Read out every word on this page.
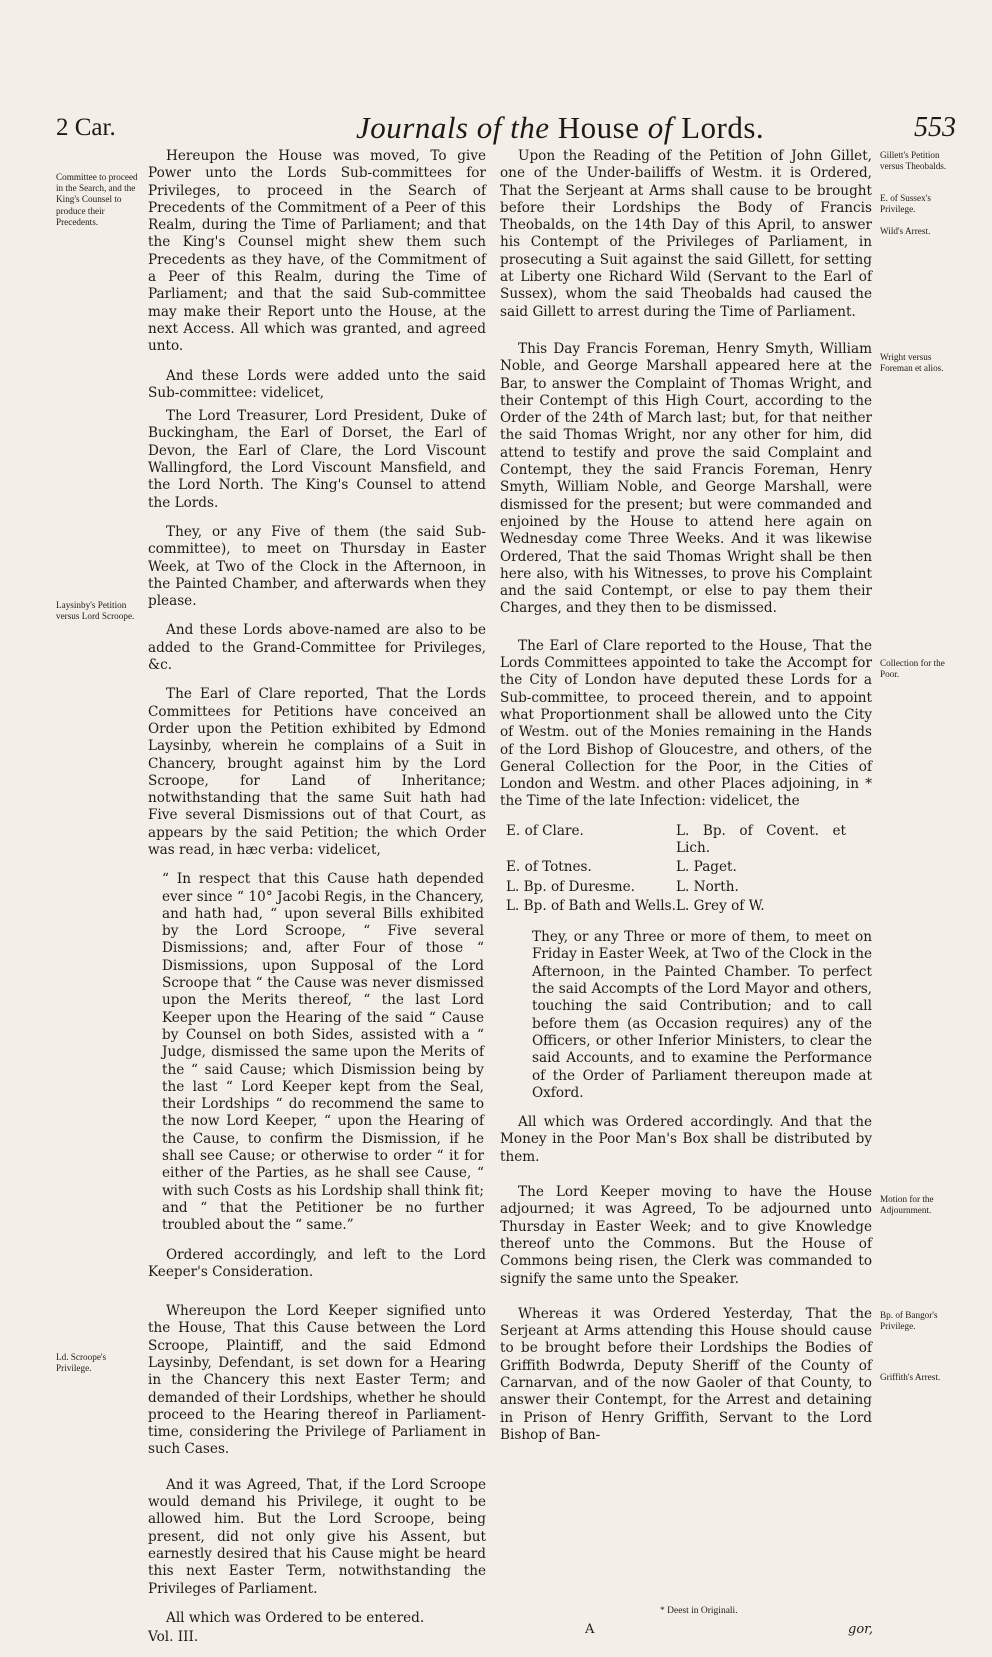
2 Car.	Journals of the House of Lords.	553
Committee to proceed in the Search, and the King's Counsel to produce their Precedents.
Laysinby's Petition versus Lord Scroope.
Ld. Scroope's Privilege.
Gillett's Petition versus Theobalds.
E. of Sussex's Privilege.
Wild's Arrest.
Wright versus Foreman et alios.
Collection for the Poor.
Motion for the Adjournment.
Bp. of Bangor's Privilege.
Griffith's Arrest.

Hereupon the House was moved, To give Power unto the Lords Sub-committees for Privileges, to proceed in the Search of Precedents of the Commitment of a Peer of this Realm, during the Time of Parliament; and that the King's Counsel might shew them such Precedents as they have, of the Commitment of a Peer of this Realm, during the Time of Parliament; and that the said Sub-committee may make their Report unto the House, at the next Access. All which was granted, and agreed unto.

And these Lords were added unto the said Sub-committee: videlicet,

The Lord Treasurer, Lord President, Duke of Buckingham, the Earl of Dorset, the Earl of Devon, the Earl of Clare, the Lord Viscount Wallingford, the Lord Viscount Mansfield, and the Lord North. The King's Counsel to attend the Lords.

They, or any Five of them (the said Sub-committee), to meet on Thursday in Easter Week, at Two of the Clock in the Afternoon, in the Painted Chamber, and afterwards when they please.

And these Lords above-named are also to be added to the Grand-Committee for Privileges, &c.

The Earl of Clare reported, That the Lords Committees for Petitions have conceived an Order upon the Petition exhibited by Edmond Laysinby, wherein he complains of a Suit in Chancery, brought against him by the Lord Scroope, for Land of Inheritance; notwithstanding that the same Suit hath had Five several Dismissions out of that Court, as appears by the said Petition; the which Order was read, in hæc verba: videlicet,

“ In respect that this Cause hath depended ever since “ 10° Jacobi Regis, in the Chancery, and hath had, “ upon several Bills exhibited by the Lord Scroope, “ Five several Dismissions; and, after Four of those “ Dismissions, upon Supposal of the Lord Scroope that “ the Cause was never dismissed upon the Merits thereof, “ the last Lord Keeper upon the Hearing of the said “ Cause by Counsel on both Sides, assisted with a “ Judge, dismissed the same upon the Merits of the “ said Cause; which Dismission being by the last “ Lord Keeper kept from the Seal, their Lordships “ do recommend the same to the now Lord Keeper, “ upon the Hearing of the Cause, to confirm the Dismission, if he shall see Cause; or otherwise to order “ it for either of the Parties, as he shall see Cause, “ with such Costs as his Lordship shall think fit; and “ that the Petitioner be no further troubled about the “ same.”

Ordered accordingly, and left to the Lord Keeper's Consideration.

Whereupon the Lord Keeper signified unto the House, That this Cause between the Lord Scroope, Plaintiff, and the said Edmond Laysinby, Defendant, is set down for a Hearing in the Chancery this next Easter Term; and demanded of their Lordships, whether he should proceed to the Hearing thereof in Parliament-time, considering the Privilege of Parliament in such Cases.

And it was Agreed, That, if the Lord Scroope would demand his Privilege, it ought to be allowed him. But the Lord Scroope, being present, did not only give his Assent, but earnestly desired that his Cause might be heard this next Easter Term, notwithstanding the Privileges of Parliament.

All which was Ordered to be entered.

Vol. III.

Upon the Reading of the Petition of John Gillet, one of the Under-bailiffs of Westm. it is Ordered, That the Serjeant at Arms shall cause to be brought before their Lordships the Body of Francis Theobalds, on the 14th Day of this April, to answer his Contempt of the Privileges of Parliament, in prosecuting a Suit against the said Gillett, for setting at Liberty one Richard Wild (Servant to the Earl of Sussex), whom the said Theobalds had caused the said Gillett to arrest during the Time of Parliament.

This Day Francis Foreman, Henry Smyth, William Noble, and George Marshall appeared here at the Bar, to answer the Complaint of Thomas Wright, and their Contempt of this High Court, according to the Order of the 24th of March last; but, for that neither the said Thomas Wright, nor any other for him, did attend to testify and prove the said Complaint and Contempt, they the said Francis Foreman, Henry Smyth, William Noble, and George Marshall, were dismissed for the present; but were commanded and enjoined by the House to attend here again on Wednesday come Three Weeks. And it was likewise Ordered, That the said Thomas Wright shall be then here also, with his Witnesses, to prove his Complaint and the said Contempt, or else to pay them their Charges, and they then to be dismissed.

The Earl of Clare reported to the House, That the Lords Committees appointed to take the Accompt for the City of London have deputed these Lords for a Sub-committee, to proceed therein, and to appoint what Proportionment shall be allowed unto the City of Westm. out of the Monies remaining in the Hands of the Lord Bishop of Gloucestre, and others, of the General Collection for the Poor, in the Cities of London and Westm. and other Places adjoining, in * the Time of the late Infection: videlicet, the

E. of Clare.	L. Bp. of Covent. et Lich.
E. of Totnes.	L. Paget.
L. Bp. of Duresme.	L. North.
L. Bp. of Bath and Wells.	L. Grey of W.

They, or any Three or more of them, to meet on Friday in Easter Week, at Two of the Clock in the Afternoon, in the Painted Chamber. To perfect the said Accompts of the Lord Mayor and others, touching the said Contribution; and to call before them (as Occasion requires) any of the Officers, or other Inferior Ministers, to clear the said Accounts, and to examine the Performance of the Order of Parliament thereupon made at Oxford.

All which was Ordered accordingly. And that the Money in the Poor Man's Box shall be distributed by them.

The Lord Keeper moving to have the House adjourned; it was Agreed, To be adjourned unto Thursday in Easter Week; and to give Knowledge thereof unto the Commons. But the House of Commons being risen, the Clerk was commanded to signify the same unto the Speaker.

Whereas it was Ordered Yesterday, That the Serjeant at Arms attending this House should cause to be brought before their Lordships the Bodies of Griffith Bodwrda, Deputy Sheriff of the County of Carnarvan, and of the now Gaoler of that County, to answer their Contempt, for the Arrest and detaining in Prison of Henry Griffith, Servant to the Lord Bishop of Ban-

* Deest in Originali.
A	gor,
